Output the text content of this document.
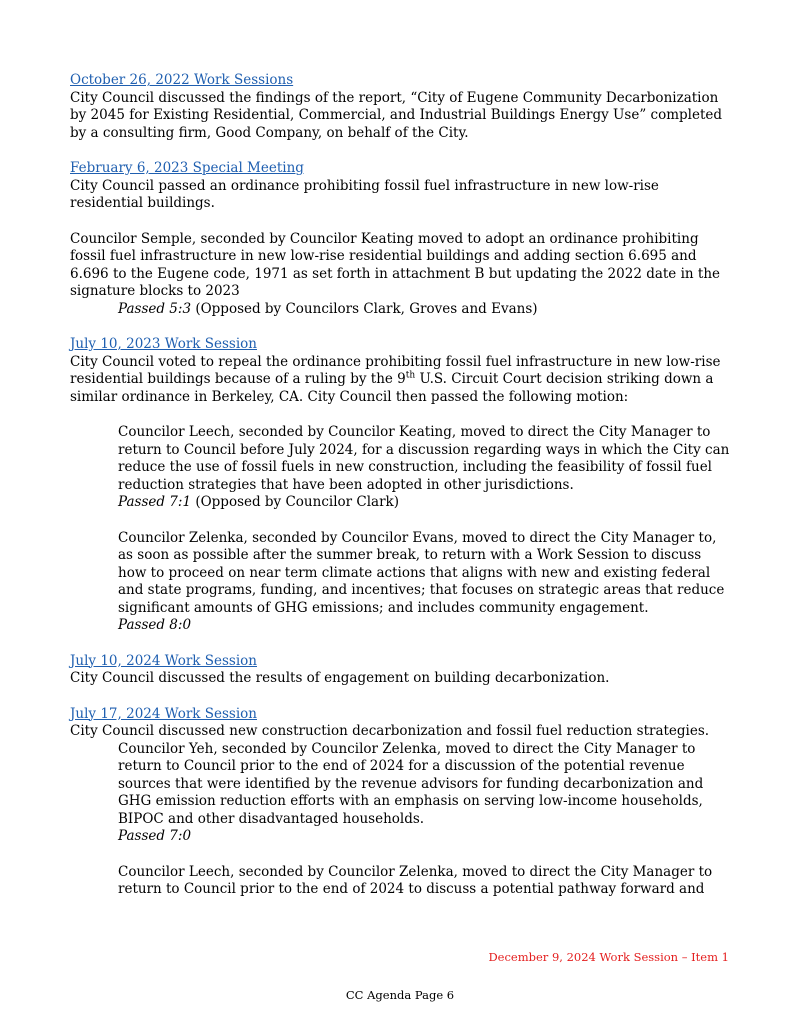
October 26, 2022 Work Sessions

City Council discussed the findings of the report, “City of Eugene Community Decarbonization by 2045 for Existing Residential, Commercial, and Industrial Buildings Energy Use” completed by a consulting firm, Good Company, on behalf of the City.

February 6, 2023 Special Meeting

City Council passed an ordinance prohibiting fossil fuel infrastructure in new low-rise residential buildings.

Councilor Semple, seconded by Councilor Keating moved to adopt an ordinance prohibiting fossil fuel infrastructure in new low-rise residential buildings and adding section 6.695 and 6.696 to the Eugene code, 1971 as set forth in attachment B but updating the 2022 date in the signature blocks to 2023

Passed 5:3 (Opposed by Councilors Clark, Groves and Evans)

July 10, 2023 Work Session

City Council voted to repeal the ordinance prohibiting fossil fuel infrastructure in new low-rise residential buildings because of a ruling by the 9th U.S. Circuit Court decision striking down a similar ordinance in Berkeley, CA. City Council then passed the following motion:

Councilor Leech, seconded by Councilor Keating, moved to direct the City Manager to return to Council before July 2024, for a discussion regarding ways in which the City can reduce the use of fossil fuels in new construction, including the feasibility of fossil fuel reduction strategies that have been adopted in other jurisdictions.

Passed 7:1 (Opposed by Councilor Clark)

Councilor Zelenka, seconded by Councilor Evans, moved to direct the City Manager to, as soon as possible after the summer break, to return with a Work Session to discuss how to proceed on near term climate actions that aligns with new and existing federal and state programs, funding, and incentives; that focuses on strategic areas that reduce significant amounts of GHG emissions; and includes community engagement.

Passed 8:0

July 10, 2024 Work Session

City Council discussed the results of engagement on building decarbonization.

July 17, 2024 Work Session

City Council discussed new construction decarbonization and fossil fuel reduction strategies.

Councilor Yeh, seconded by Councilor Zelenka, moved to direct the City Manager to return to Council prior to the end of 2024 for a discussion of the potential revenue sources that were identified by the revenue advisors for funding decarbonization and GHG emission reduction efforts with an emphasis on serving low-income households, BIPOC and other disadvantaged households.

Passed 7:0

Councilor Leech, seconded by Councilor Zelenka, moved to direct the City Manager to return to Council prior to the end of 2024 to discuss a potential pathway forward and

December 9, 2024 Work Session – Item 1
CC Agenda Page 6
